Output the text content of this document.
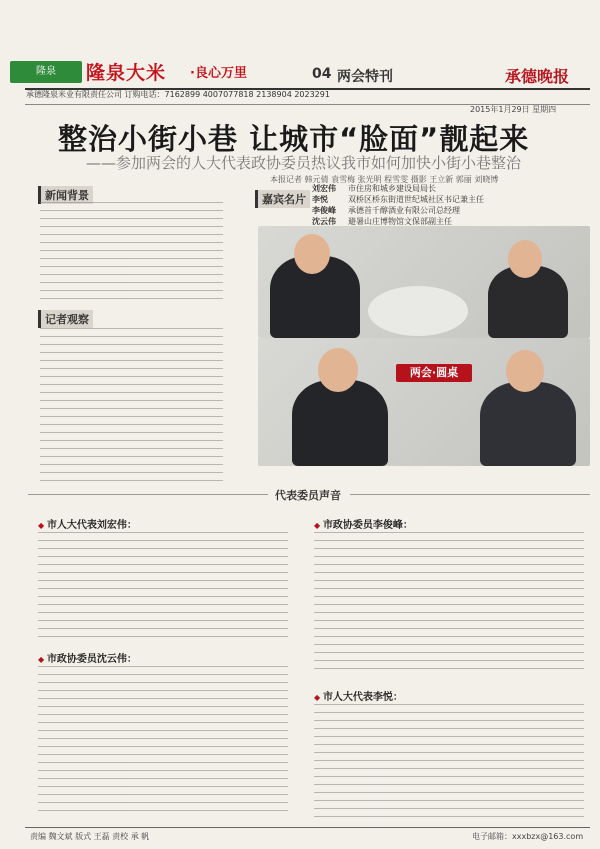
隆泉	隆泉大米 ·良心万里	04 两会特刊	承德晚报
承德隆泉米业有限责任公司 订购电话：7162899 4007077818 2138904 2023291
2015年1月29日 星期四
整治小街小巷 让城市“脸面”靓起来
——参加两会的人大代表政协委员热议我市如何加快小街小巷整治
本报记者 韩元倩 袁雪梅 张光明 程雪雯 摄影 王立新 郭丽 刘晓博
新闻背景
记者观察
嘉宾名片
刘宏伟 市住房和城乡建设局局长
李悦	双桥区桥东街道世纪城社区书记兼主任
李俊峰 承德首千醇酒业有限公司总经理
沈云伟 避暑山庄博物馆文保部副主任
两会·圆桌
代表委员声音
◆ 市人大代表刘宏伟：
◆ 市政协委员沈云伟：
◆ 市政协委员李俊峰：
◆ 市人大代表李悦：
责编 魏文斌 版式 王磊 责校 承 帆	电子邮箱：xxxbzx@163.com
